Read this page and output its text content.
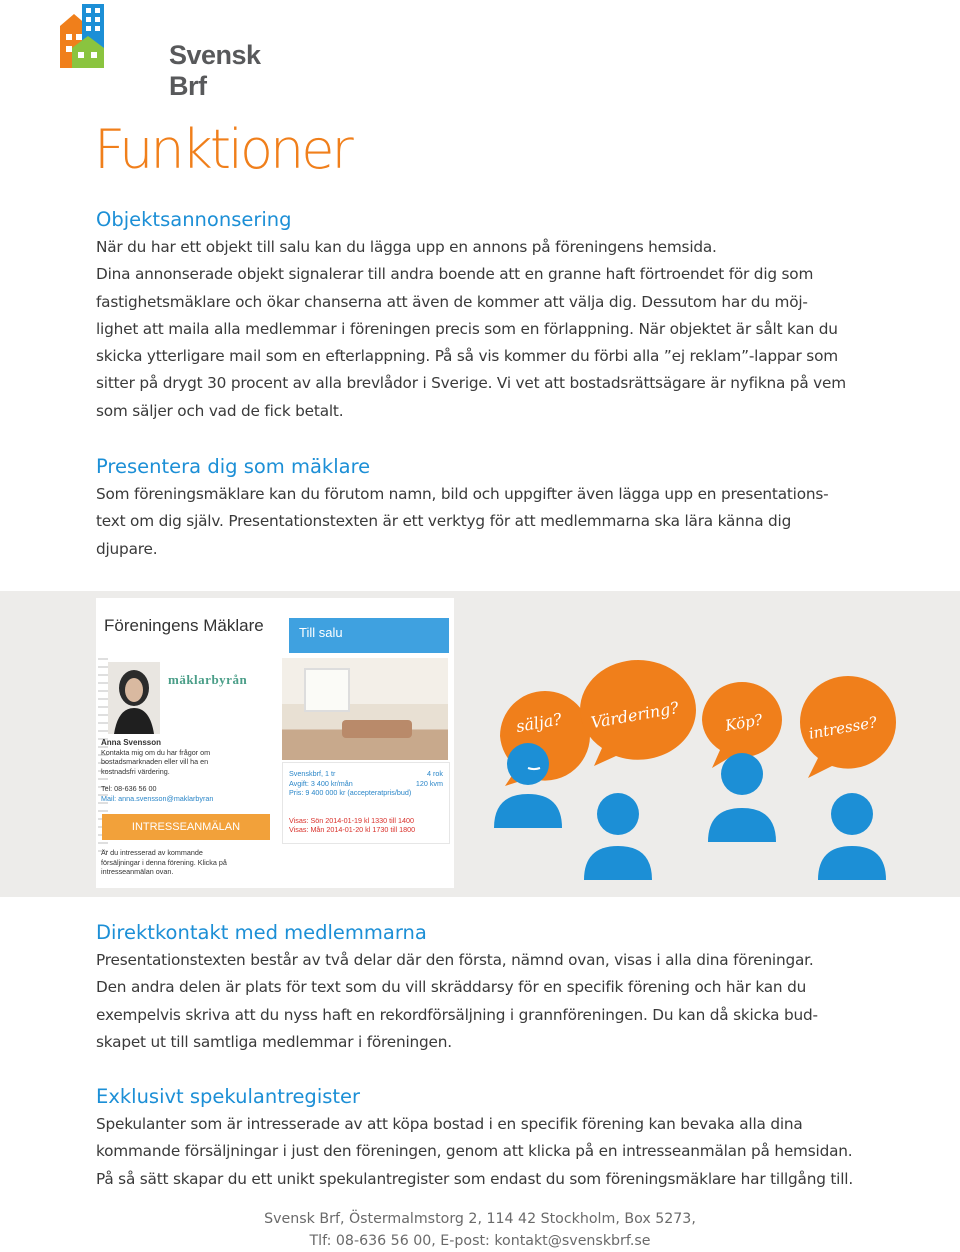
Svensk Brf
Funktioner
Objektsannonsering

När du har ett objekt till salu kan du lägga upp en annons på föreningens hemsida.

Dina annonserade objekt signalerar till andra boende att en granne haft förtroendet för dig som

fastighetsmäklare och ökar chanserna att även de kommer att välja dig. Dessutom har du möj-

lighet att maila alla medlemmar i föreningen precis som en förlappning. När objektet är sålt kan du

skicka ytterligare mail som en efterlappning. På så vis kommer du förbi alla ”ej reklam”-lappar som

sitter på drygt 30 procent av alla brevlådor i Sverige. Vi vet att bostadsrättsägare är nyfikna på vem

som säljer och vad de fick betalt.

Presentera dig som mäklare

Som föreningsmäklare kan du förutom namn, bild och uppgifter även lägga upp en presentations-

text om dig själv. Presentationstexten är ett verktyg för att medlemmarna ska lära känna dig

djupare.

Föreningens Mäklare	Till salu
mäklarbyrån
Anna Svensson
Kontakta mig om du har frågor om
bostadsmarknaden eller vill ha en
kostnadsfri värdering.
Tel: 08-636 56 00
Mail: anna.svensson@maklarbyran
Svenskbrf, 1 tr	4 rok
Avgift: 3 400 kr/mån	120 kvm
Pris: 9 400 000 kr (accepteratpris/bud)
Visas: Sön 2014-01-19 kl 1330 till 1400
Visas: Mån 2014-01-20 kl 1730 till 1800
INTRESSEANMÄLAN
Är du intresserad av kommande
försäljningar i denna förening. Klicka på
intresseanmälan ovan.
sälja? Värdering?	Köp?	intresse?
Direktkontakt med medlemmarna

Presentationstexten består av två delar där den första, nämnd ovan, visas i alla dina föreningar.

Den andra delen är plats för text som du vill skräddarsy för en specifik förening och här kan du

exempelvis skriva att du nyss haft en rekordförsäljning i grannföreningen. Du kan då skicka bud-

skapet ut till samtliga medlemmar i föreningen.

Exklusivt spekulantregister

Spekulanter som är intresserade av att köpa bostad i en specifik förening kan bevaka alla dina

kommande försäljningar i just den föreningen, genom att klicka på en intresseanmälan på hemsidan.

På så sätt skapar du ett unikt spekulantregister som endast du som föreningsmäklare har tillgång till.

Svensk Brf, Östermalmstorg 2, 114 42 Stockholm, Box 5273,
Tlf: 08-636 56 00, E-post: kontakt@svenskbrf.se
